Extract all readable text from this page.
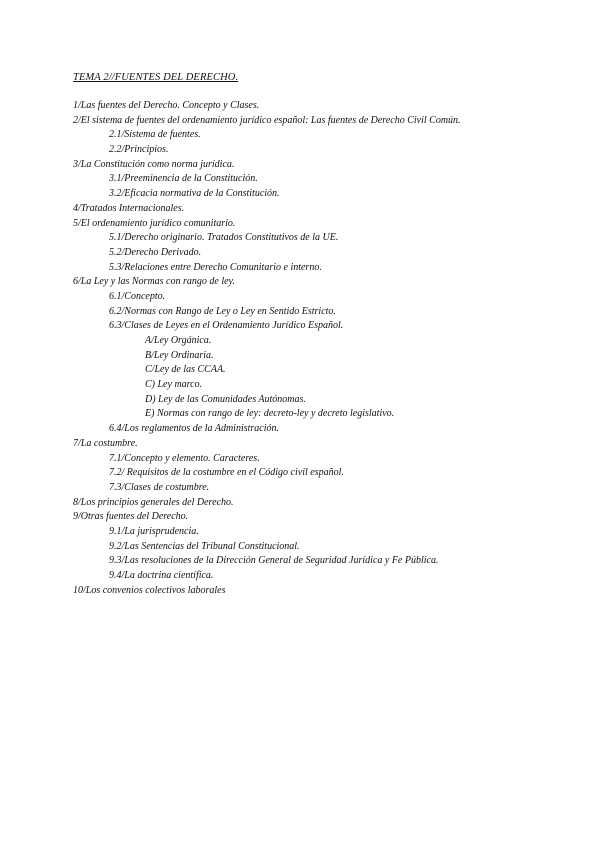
TEMA 2//FUENTES DEL DERECHO.
1/Las fuentes del Derecho. Concepto y Clases.
2/El sistema de fuentes del ordenamiento jurídico español: Las fuentes de Derecho Civil Común.
2.1/Sistema de fuentes.
2.2/Principios.
3/La Constitución como norma jurídica.
3.1/Preeminencia de la Constitución.
3.2/Eficacia normativa de la Constitución.
4/Tratados Internacionales.
5/El ordenamiento jurídico comunitario.
5.1/Derecho originario. Tratados Constitutivos de la UE.
5.2/Derecho Derivado.
5.3/Relaciones entre Derecho Comunitario e interno.
6/La Ley y las Normas con rango de ley.
6.1/Concepto.
6.2/Normas con Rango de Ley o Ley en Sentido Estricto.
6.3/Clases de Leyes en el Ordenamiento Jurídico Español.
A/Ley Orgánica.
B/Ley Ordinaria.
C/Ley de las CCAA.
C) Ley marco.
D) Ley de las Comunidades Autónomas.
E) Normas con rango de ley: decreto-ley y decreto legislativo.
6.4/Los reglamentos de la Administración.
7/La costumbre.
7.1/Concepto y elemento. Caracteres.
7.2/ Requisitos de la costumbre en el Código civil español.
7.3/Clases de costumbre.
8/Los principios generales del Derecho.
9/Otras fuentes del Derecho.
9.1/La jurisprudencia.
9.2/Las Sentencias del Tribunal Constitucional.
9.3/Las resoluciones de la Dirección General de Seguridad Jurídica y Fe Pública.
9.4/La doctrina científica.
10/Los convenios colectivos laborales
